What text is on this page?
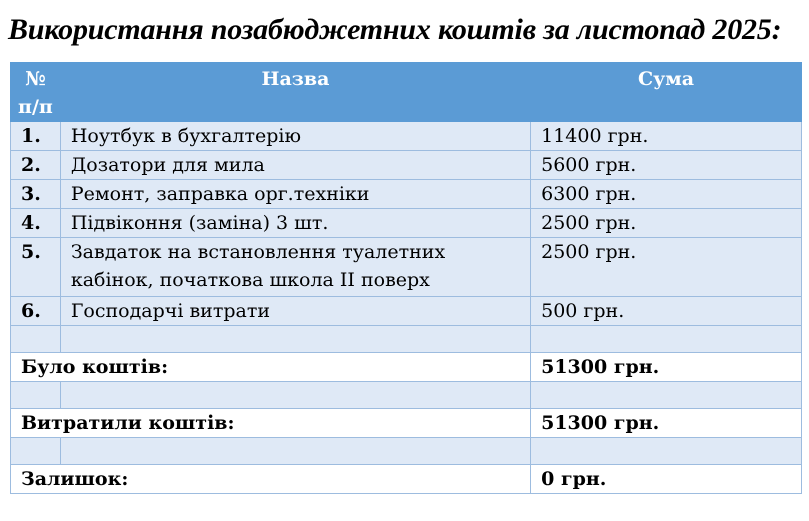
Використання позабюджетних коштів за листопад 2025:
№ п/п	Назва	Сума
1.	Ноутбук в бухгалтерію	11400 грн.
2.	Дозатори для мила	5600 грн.
3.	Ремонт, заправка орг.техніки	6300 грн.
4.	Підвіконня (заміна) 3 шт.	2500 грн.
5.	Завдаток на встановлення туалетних кабінок, початкова школа ІІ поверх	2500 грн.
6.	Господарчі витрати	500 грн.

Було коштів:		51300 грн.

Витратили коштів:		51300 грн.

Залишок:		0 грн.
